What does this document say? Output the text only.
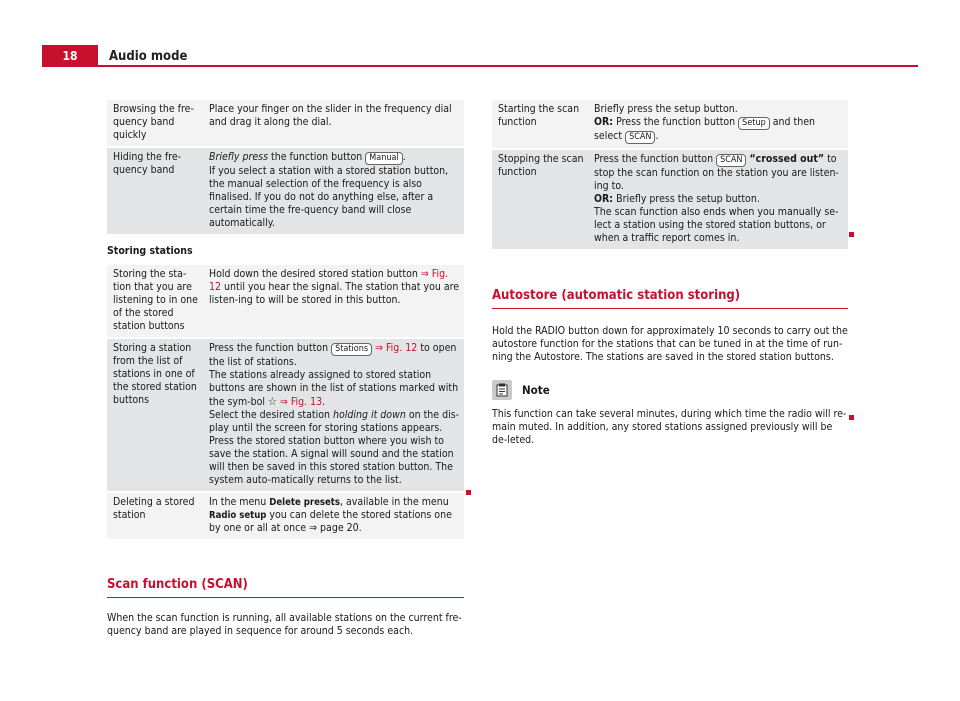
18 Audio mode
Browsing the fre-quency band quickly	Place your finger on the slider in the frequency dial and drag it along the dial.
Hiding the fre-quency band	Briefly press the function button Manual .
If you select a station with a stored station button, the manual selection of the frequency is also finalised. If you do not do anything else, after a certain time the fre-quency band will close automatically.
Storing stations
Storing the sta-tion that you are listening to in one of the stored station buttons	Hold down the desired stored station button ⇒ Fig. 12 until you hear the signal. The station that you are listen-ing to will be stored in this button.

Storing a station from the list of stations in one of the stored station buttons	Press the function button Stations ⇒ Fig. 12 to open the list of stations.
The stations already assigned to stored station buttons are shown in the list of stations marked with the sym-bol ☆ ⇒ Fig. 13.
Select the desired station holding it down on the dis-play until the screen for storing stations appears.
Press the stored station button where you wish to save the station. A signal will sound and the station will then be saved in this stored station button. The system auto-matically returns to the list.
Deleting a stored station	In the menu Delete presets, available in the menu Radio setup you can delete the stored stations one by one or all at once ⇒ page 20.
Scan function (SCAN)

When the scan function is running, all available stations on the current fre-quency band are played in sequence for around 5 seconds each.

Starting the scan function	Briefly press the setup button.
OR: Press the function button Setup and then select SCAN .
Stopping the scan function	Press the function button SCAN “crossed out” to stop the scan function on the station you are listen-ing to.
OR: Briefly press the setup button.
The scan function also ends when you manually se-lect a station using the stored station buttons, or when a traffic report comes in.
Autostore (automatic station storing)

Hold the RADIO button down for approximately 10 seconds to carry out the autostore function for the stations that can be tuned in at the time of run-ning the Autostore. The stations are saved in the stored station buttons.

Note

This function can take several minutes, during which time the radio will re-main muted. In addition, any stored stations assigned previously will be de-leted.
